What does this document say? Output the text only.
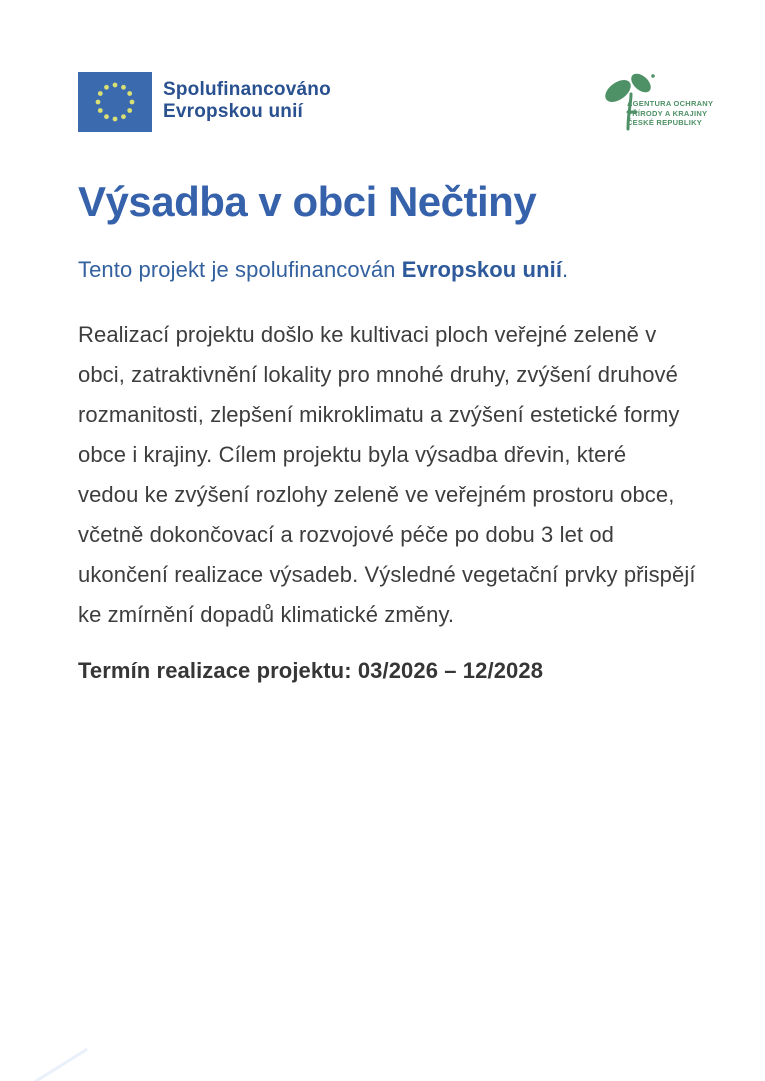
Spolufinancováno
Evropskou unií	AGENTURA OCHRANY
PŘÍRODY A KRAJINY
ČESKÉ REPUBLIKY
Výsadba v obci Nečtiny

Tento projekt je spolufinancován Evropskou unií.

Realizací projektu došlo ke kultivaci ploch veřejné zeleně v
obci, zatraktivnění lokality pro mnohé druhy, zvýšení druhové
rozmanitosti, zlepšení mikroklimatu a zvýšení estetické formy
obce i krajiny. Cílem projektu byla výsadba dřevin, které
vedou ke zvýšení rozlohy zeleně ve veřejném prostoru obce,
včetně dokončovací a rozvojové péče po dobu 3 let od
ukončení realizace výsadeb. Výsledné vegetační prvky přispějí
ke zmírnění dopadů klimatické změny.

Termín realizace projektu: 03/2026 – 12/2028
